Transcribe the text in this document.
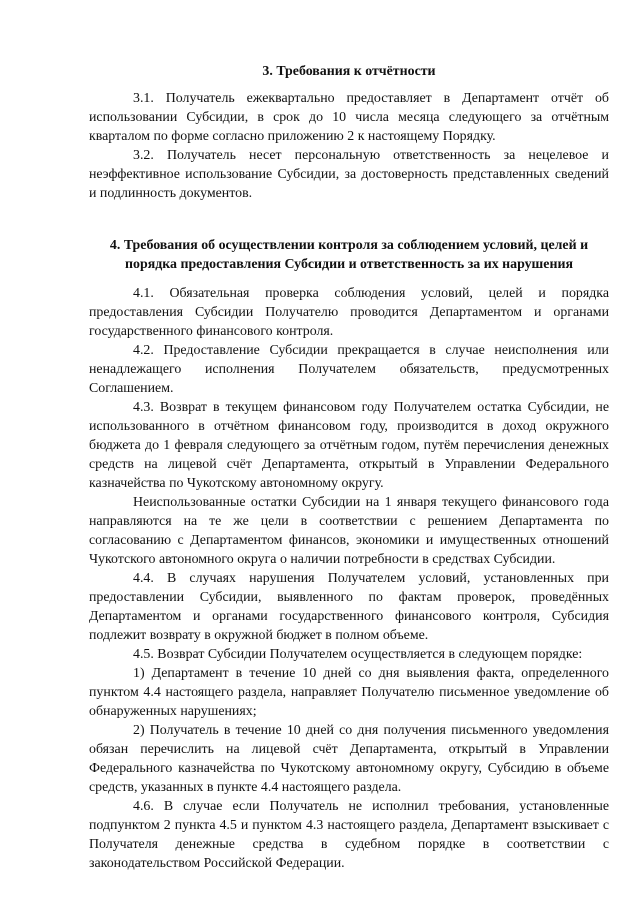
3. Требования к отчётности

3.1. Получатель ежеквартально предоставляет в Департамент отчёт об использовании Субсидии, в срок до 10 числа месяца следующего за отчётным кварталом по форме согласно приложению 2 к настоящему Порядку.

3.2. Получатель несет персональную ответственность за нецелевое и неэффективное использование Субсидии, за достоверность представленных сведений и подлинность документов.

4. Требования об осуществлении контроля за соблюдением условий, целей и порядка предоставления Субсидии и ответственность за их нарушения

4.1. Обязательная проверка соблюдения условий, целей и порядка предоставления Субсидии Получателю проводится Департаментом и органами государственного финансового контроля.

4.2. Предоставление Субсидии прекращается в случае неисполнения или ненадлежащего исполнения Получателем обязательств, предусмотренных Соглашением.

4.3. Возврат в текущем финансовом году Получателем остатка Субсидии, не использованного в отчётном финансовом году, производится в доход окружного бюджета до 1 февраля следующего за отчётным годом, путём перечисления денежных средств на лицевой счёт Департамента, открытый в Управлении Федерального казначейства по Чукотскому автономному округу.

Неиспользованные остатки Субсидии на 1 января текущего финансового года направляются на те же цели в соответствии с решением Департамента по согласованию с Департаментом финансов, экономики и имущественных отношений Чукотского автономного округа о наличии потребности в средствах Субсидии.

4.4. В случаях нарушения Получателем условий, установленных при предоставлении Субсидии, выявленного по фактам проверок, проведённых Департаментом и органами государственного финансового контроля, Субсидия подлежит возврату в окружной бюджет в полном объеме.

4.5. Возврат Субсидии Получателем осуществляется в следующем порядке:

1) Департамент в течение 10 дней со дня выявления факта, определенного пунктом 4.4 настоящего раздела, направляет Получателю письменное уведомление об обнаруженных нарушениях;

2) Получатель в течение 10 дней со дня получения письменного уведомления обязан перечислить на лицевой счёт Департамента, открытый в Управлении Федерального казначейства по Чукотскому автономному округу, Субсидию в объеме средств, указанных в пункте 4.4 настоящего раздела.

4.6. В случае если Получатель не исполнил требования, установленные подпунктом 2 пункта 4.5 и пунктом 4.3 настоящего раздела, Департамент взыскивает с Получателя денежные средства в судебном порядке в соответствии с законодательством Российской Федерации.
